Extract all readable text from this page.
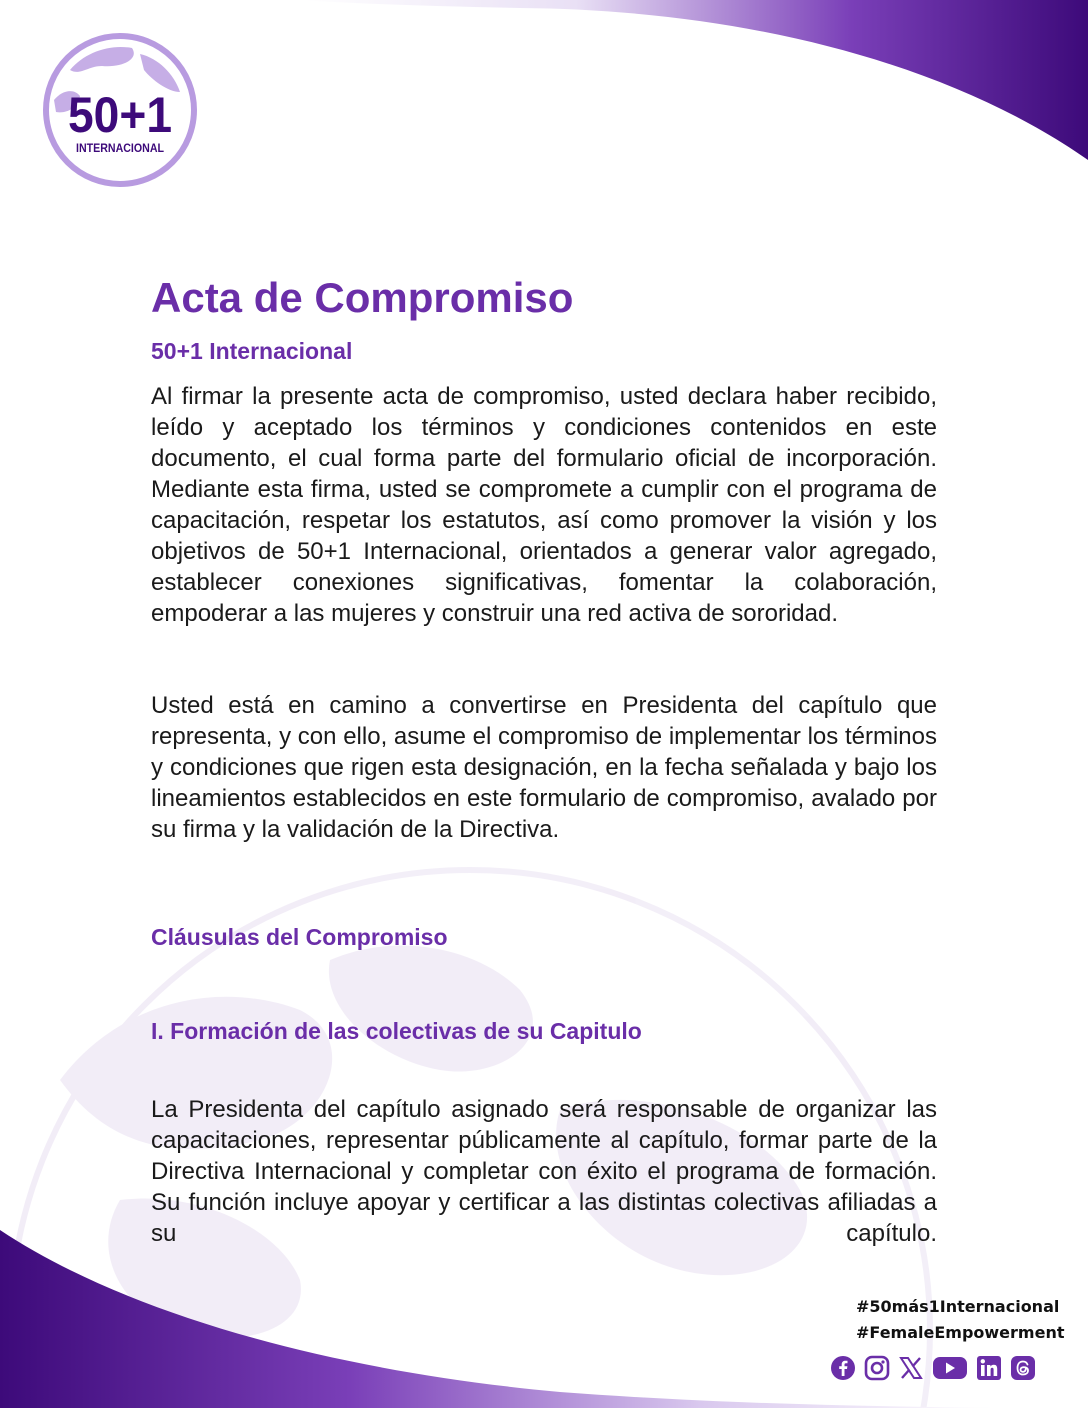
50+1
INTERNACIONAL
Acta de Compromiso
50+1 Internacional

Al firmar la presente acta de compromiso, usted declara haber recibido, leído y aceptado los términos y condiciones contenidos en este documento, el cual forma parte del formulario oficial de incorporación. Mediante esta firma, usted se compromete a cumplir con el programa de capacitación, respetar los estatutos, así como promover la visión y los objetivos de 50+1 Internacional, orientados a generar valor agregado, establecer conexiones significativas, fomentar la colaboración, empoderar a las mujeres y construir una red activa de sororidad.

Usted está en camino a convertirse en Presidenta del capítulo que representa, y con ello, asume el compromiso de implementar los términos y condiciones que rigen esta designación, en la fecha señalada y bajo los lineamientos establecidos en este formulario de compromiso, avalado por su firma y la validación de la Directiva.

Cláusulas del Compromiso
I. Formación de las colectivas de su Capitulo

La Presidenta del capítulo asignado será responsable de organizar las capacitaciones, representar públicamente al capítulo, formar parte de la Directiva Internacional y completar con éxito el programa de formación. Su función incluye apoyar y certificar a las distintas colectivas afiliadas a su capítulo.

#50más1Internacional
#FemaleEmpowerment
